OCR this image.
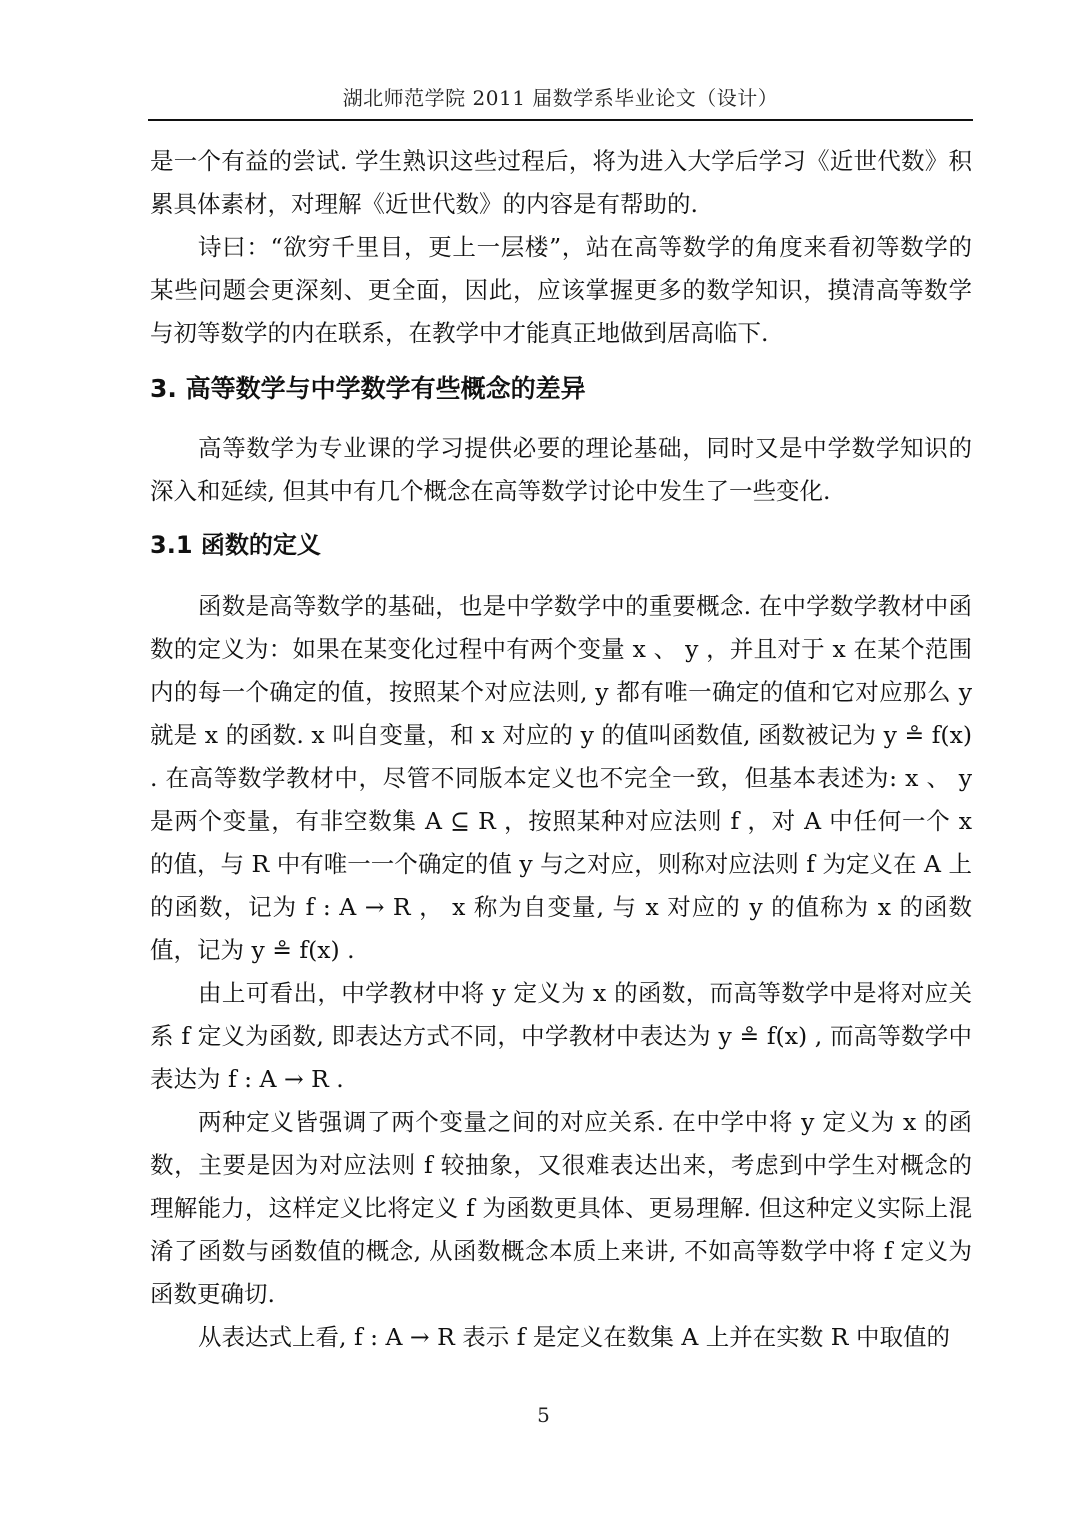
湖北师范学院 2011 届数学系毕业论文（设计）

是一个有益的尝试. 学生熟识这些过程后，将为进入大学后学习《近世代数》积累具体素材，对理解《近世代数》的内容是有帮助的.

诗曰：“欲穷千里目，更上一层楼”，站在高等数学的角度来看初等数学的某些问题会更深刻、更全面，因此，应该掌握更多的数学知识，摸清高等数学与初等数学的内在联系，在教学中才能真正地做到居高临下.

3. 高等数学与中学数学有些概念的差异

高等数学为专业课的学习提供必要的理论基础，同时又是中学数学知识的深入和延续, 但其中有几个概念在高等数学讨论中发生了一些变化.

3.1 函数的定义

函数是高等数学的基础，也是中学数学中的重要概念. 在中学数学教材中函数的定义为：如果在某变化过程中有两个变量 x 、 y ，并且对于 x 在某个范围内的每一个确定的值，按照某个对应法则, y 都有唯一确定的值和它对应那么 y 就是 x 的函数. x 叫自变量，和 x 对应的 y 的值叫函数值, 函数被记为 y ≗ f(x) . 在高等数学教材中，尽管不同版本定义也不完全一致，但基本表述为: x 、 y 是两个变量，有非空数集 A ⊆ R ，按照某种对应法则 f ，对 A 中任何一个 x 的值，与 R 中有唯一一个确定的值 y 与之对应，则称对应法则 f 为定义在 A 上的函数，记为 f : A → R ， x 称为自变量, 与 x 对应的 y 的值称为 x 的函数值，记为 y ≗ f(x) .

由上可看出，中学教材中将 y 定义为 x 的函数，而高等数学中是将对应关系 f 定义为函数, 即表达方式不同，中学教材中表达为 y ≗ f(x) , 而高等数学中表达为 f : A → R .

两种定义皆强调了两个变量之间的对应关系. 在中学中将 y 定义为 x 的函数，主要是因为对应法则 f 较抽象，又很难表达出来，考虑到中学生对概念的理解能力，这样定义比将定义 f 为函数更具体、更易理解. 但这种定义实际上混淆了函数与函数值的概念, 从函数概念本质上来讲, 不如高等数学中将 f 定义为函数更确切.

从表达式上看, f : A → R 表示 f 是定义在数集 A 上并在实数 R 中取值的

5
